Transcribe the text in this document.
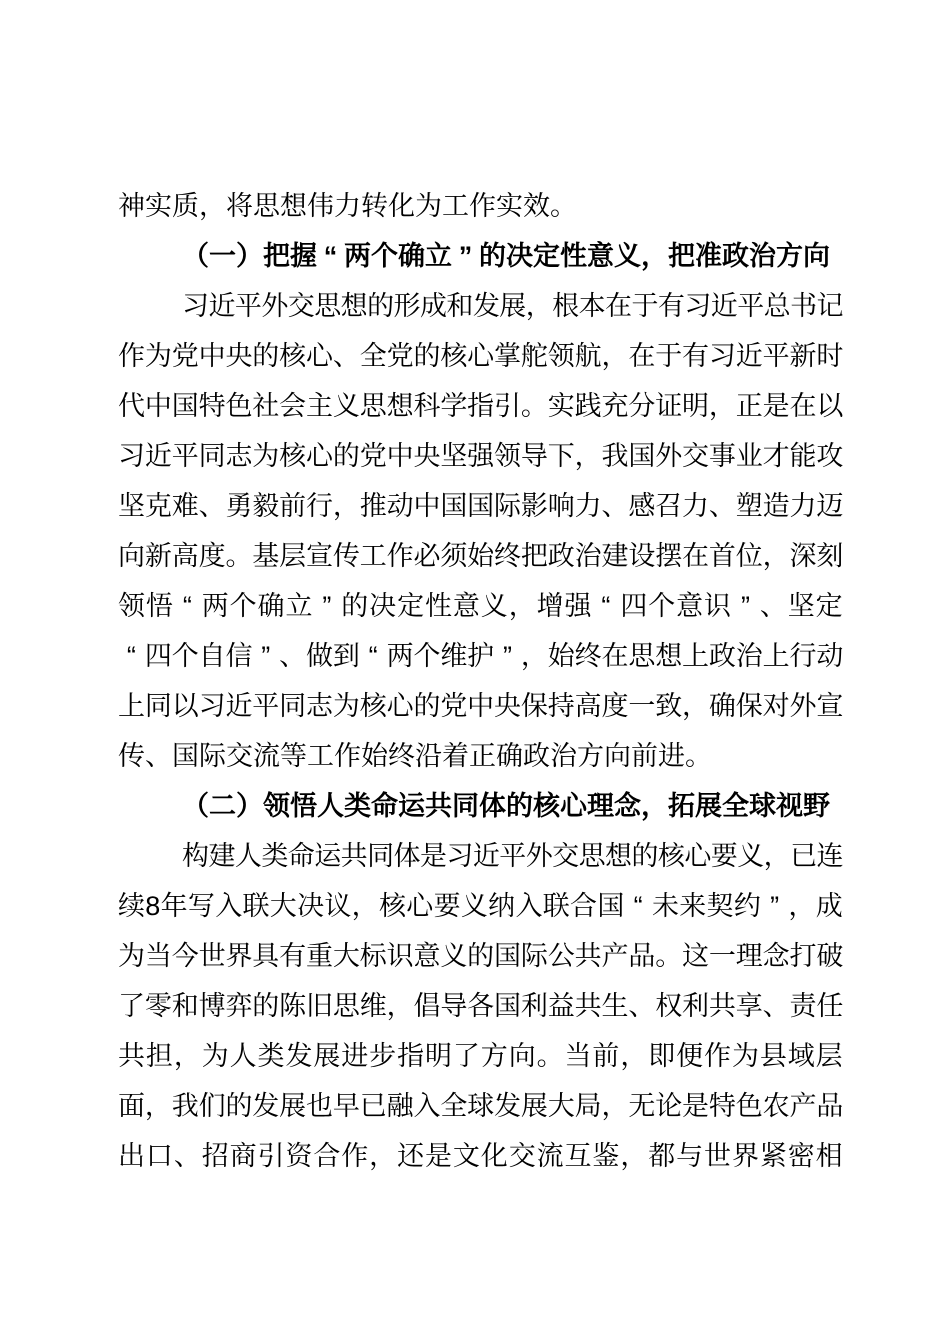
神 实 质 ， 将 思 想 伟 力 转 化 为 工 作 实 效 。
（ 一 ） 把 握 “ 两 个 确 立 ” 的 决 定 性 意 义 ， 把 准 政 治 方 向
习 近 平 外 交 思 想 的 形 成 和 发 展 ， 根 本 在 于 有 习 近 平 总 书 记
作 为 党 中 央 的 核 心 、 全 党 的 核 心 掌 舵 领 航 ， 在 于 有 习 近 平 新 时
代 中 国 特 色 社 会 主 义 思 想 科 学 指 引 。 实 践 充 分 证 明 ， 正 是 在 以
习 近 平 同 志 为 核 心 的 党 中 央 坚 强 领 导 下 ， 我 国 外 交 事 业 才 能 攻
坚 克 难 、 勇 毅 前 行 ， 推 动 中 国 国 际 影 响 力 、 感 召 力 、 塑 造 力 迈
向 新 高 度 。 基 层 宣 传 工 作 必 须 始 终 把 政 治 建 设 摆 在 首 位 ， 深 刻
领 悟 “ 两 个 确 立 ” 的 决 定 性 意 义 ， 增 强 “ 四 个 意 识 ” 、 坚 定
“ 四 个 自 信 ” 、 做 到 “ 两 个 维 护 ” ， 始 终 在 思 想 上 政 治 上 行 动
上 同 以 习 近 平 同 志 为 核 心 的 党 中 央 保 持 高 度 一 致 ， 确 保 对 外 宣
传 、 国 际 交 流 等 工 作 始 终 沿 着 正 确 政 治 方 向 前 进 。
（ 二 ） 领 悟 人 类 命 运 共 同 体 的 核 心 理 念 ， 拓 展 全 球 视 野
构 建 人 类 命 运 共 同 体 是 习 近 平 外 交 思 想 的 核 心 要 义 ， 已 连
续 8 年 写 入 联 大 决 议 ， 核 心 要 义 纳 入 联 合 国 “ 未 来 契 约 ” ， 成
为 当 今 世 界 具 有 重 大 标 识 意 义 的 国 际 公 共 产 品 。 这 一 理 念 打 破
了 零 和 博 弈 的 陈 旧 思 维 ， 倡 导 各 国 利 益 共 生 、 权 利 共 享 、 责 任
共 担 ， 为 人 类 发 展 进 步 指 明 了 方 向 。 当 前 ， 即 便 作 为 县 域 层
面 ， 我 们 的 发 展 也 早 已 融 入 全 球 发 展 大 局 ， 无 论 是 特 色 农 产 品
出 口 、 招 商 引 资 合 作 ， 还 是 文 化 交 流 互 鉴 ， 都 与 世 界 紧 密 相
